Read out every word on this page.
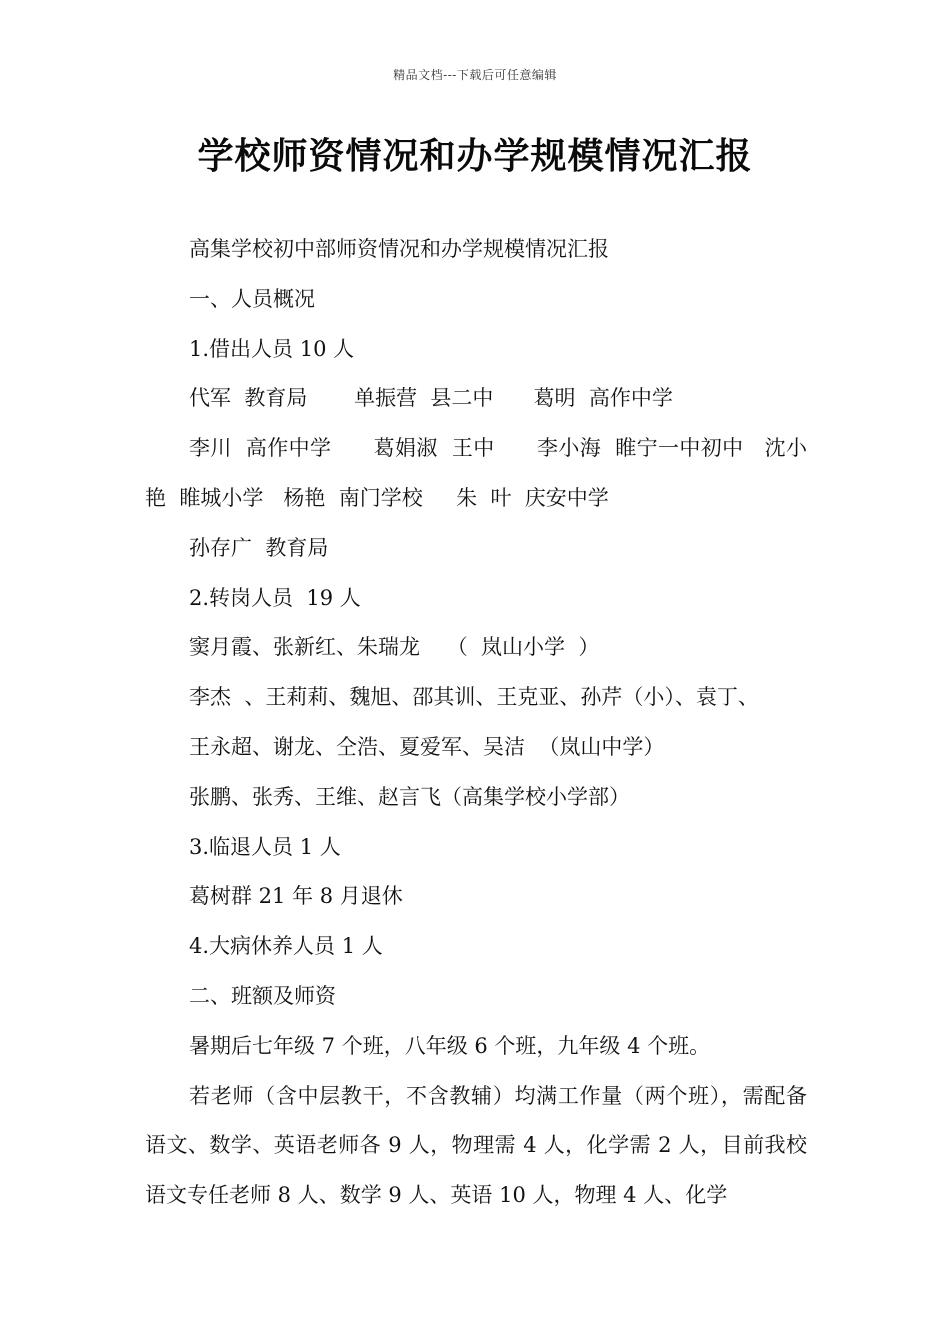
精品文档---下载后可任意编辑
学校师资情况和办学规模情况汇报

高集学校初中部师资情况和办学规模情况汇报

一、人员概况

1.借出人员 10 人

代军  教育局       单振营  县二中      葛明  高作中学

李川  高作中学      葛娟淑  王中      李小海  睢宁一中初中   沈小艳  睢城小学   杨艳  南门学校     朱  叶  庆安中学

孙存广  教育局

2.转岗人员  19 人

窦月霞、张新红、朱瑞龙    （  岚山小学  ）

李杰  、王莉莉、魏旭、邵其训、王克亚、孙芹（小）、袁丁、

王永超、谢龙、仝浩、夏爱军、吴洁  （岚山中学）

张鹏、张秀、王维、赵言飞（高集学校小学部）

3.临退人员 1 人

葛树群 21 年 8 月退休

4.大病休养人员 1 人

二、班额及师资

暑期后七年级 7 个班，八年级 6 个班，九年级 4 个班。

若老师（含中层教干，不含教辅）均满工作量（两个班），需配备语文、数学、英语老师各 9 人，物理需 4 人，化学需 2 人，目前我校语文专任老师 8 人、数学 9 人、英语 10 人，物理 4 人、化学
